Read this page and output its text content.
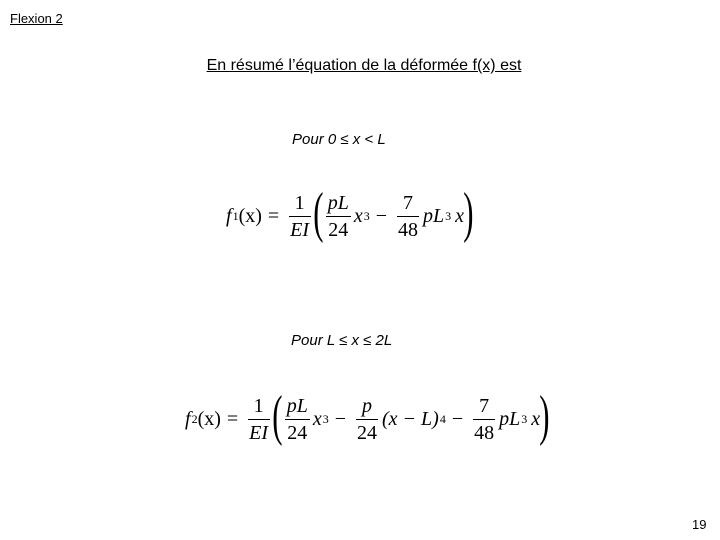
Flexion 2
En résumé l’équation de la déformée f(x) est
Pour 0 ≤ x < L
f 1 $(x) = \frac{1}{EI}$ ( $\frac{pL}{24}$ x $3 - \frac{7}{48}$ pL 3 x )
Pour L ≤ x ≤ 2L
f 2 $(x) = \frac{1}{EI}$ ( $\frac{pL}{24}$ x $3 - \frac{p}{24} (x - L) 4 - \frac{7}{48}$ pL 3 x )
19
